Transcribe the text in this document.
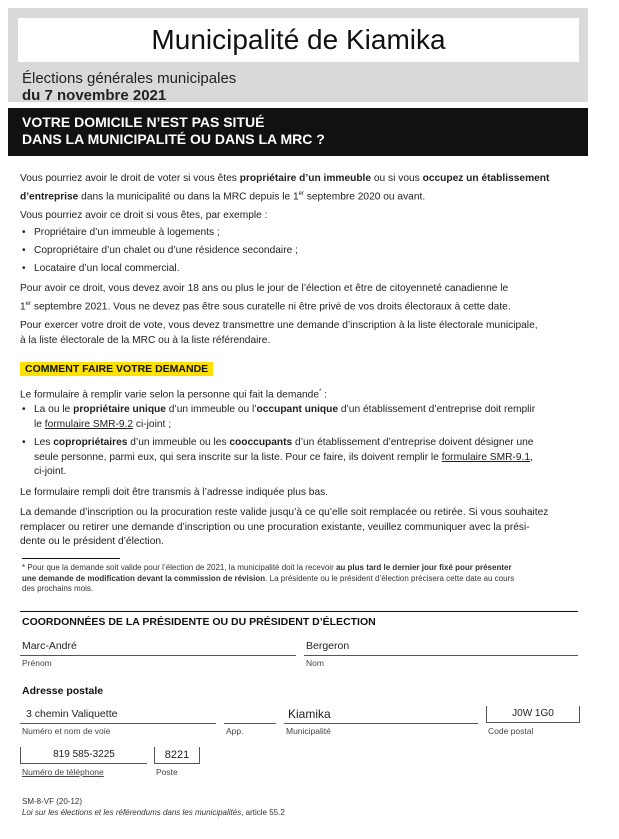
Municipalité de Kiamika
Élections générales municipales
du 7 novembre 2021
VOTRE DOMICILE N’EST PAS SITUÉ
DANS LA MUNICIPALITÉ OU DANS LA MRC ?
Vous pourriez avoir le droit de voter si vous êtes propriétaire d’un immeuble ou si vous occupez un établissement
d’entreprise dans la municipalité ou dans la MRC depuis le 1er septembre 2020 ou avant.
Vous pourriez avoir ce droit si vous êtes, par exemple :
• Propriétaire d’un immeuble à logements ;
• Copropriétaire d’un chalet ou d’une résidence secondaire ;
• Locataire d’un local commercial.
Pour avoir ce droit, vous devez avoir 18 ans ou plus le jour de l’élection et être de citoyenneté canadienne le
1er septembre 2021. Vous ne devez pas être sous curatelle ni être privé de vos droits électoraux à cette date.
Pour exercer votre droit de vote, vous devez transmettre une demande d’inscription à la liste électorale municipale,
à la liste électorale de la MRC ou à la liste référendaire.
COMMENT FAIRE VOTRE DEMANDE
Le formulaire à remplir varie selon la personne qui fait la demande* :
• La ou le propriétaire unique d’un immeuble ou l’occupant unique d’un établissement d’entreprise doit remplir
le formulaire SMR-9.2 ci-joint ;
• Les copropriétaires d’un immeuble ou les cooccupants d’un établissement d’entreprise doivent désigner une
seule personne, parmi eux, qui sera inscrite sur la liste. Pour ce faire, ils doivent remplir le formulaire SMR-9.1,
ci-joint.
Le formulaire rempli doit être transmis à l’adresse indiquée plus bas.
La demande d’inscription ou la procuration reste valide jusqu’à ce qu’elle soit remplacée ou retirée. Si vous souhaitez
remplacer ou retirer une demande d’inscription ou une procuration existante, veuillez communiquer avec la prési-
dente ou le président d’élection.
* Pour que la demande soit valide pour l’élection de 2021, la municipalité doit la recevoir au plus tard le dernier jour fixé pour présenter
une demande de modification devant la commission de révision. La présidente ou le président d’élection précisera cette date au cours
des prochains mois.
COORDONNÉES DE LA PRÉSIDENTE OU DU PRÉSIDENT D’ÉLECTION
Marc-André
Prénom
Bergeron
Nom
Adresse postale
3 chemin Valiquette
Numéro et nom de voie	App.
Kiamika
Municipalité
J0W 1G0
Code postal
819 585-3225
Numéro de téléphone
8221
Poste
SM-8-VF (20-12)
Loi sur les élections et les référendums dans les municipalités, article 55.2
